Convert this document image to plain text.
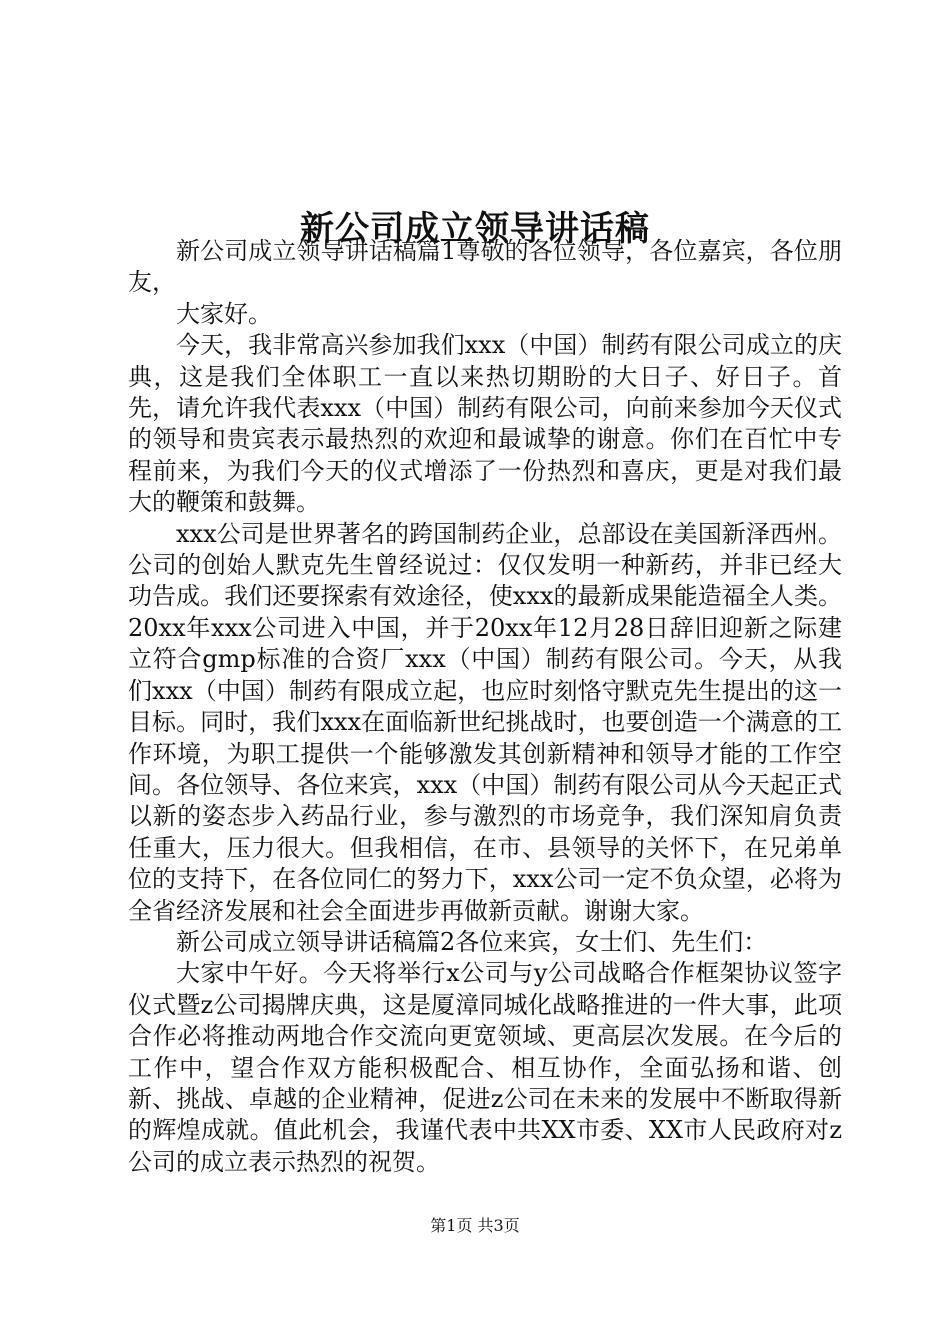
新公司成立领导讲话稿

新公司成立领导讲话稿篇1尊敬的各位领导，各位嘉宾，各位朋友，

大家好。

今天，我非常高兴参加我们xxx（中国）制药有限公司成立的庆典，这是我们全体职工一直以来热切期盼的大日子、好日子。首先，请允许我代表xxx（中国）制药有限公司，向前来参加今天仪式的领导和贵宾表示最热烈的欢迎和最诚挚的谢意。你们在百忙中专程前来，为我们今天的仪式增添了一份热烈和喜庆，更是对我们最大的鞭策和鼓舞。

xxx公司是世界著名的跨国制药企业，总部设在美国新泽西州。公司的创始人默克先生曾经说过：仅仅发明一种新药，并非已经大功告成。我们还要探索有效途径，使xxx的最新成果能造福全人类。20xx年xxx公司进入中国，并于20xx年12月28日辞旧迎新之际建立符合gmp标准的合资厂xxx（中国）制药有限公司。今天，从我们xxx（中国）制药有限成立起，也应时刻恪守默克先生提出的这一目标。同时，我们xxx在面临新世纪挑战时，也要创造一个满意的工作环境，为职工提供一个能够激发其创新精神和领导才能的工作空间。各位领导、各位来宾，xxx（中国）制药有限公司从今天起正式以新的姿态步入药品行业，参与激烈的市场竞争，我们深知肩负责任重大，压力很大。但我相信，在市、县领导的关怀下，在兄弟单位的支持下，在各位同仁的努力下，xxx公司一定不负众望，必将为全省经济发展和社会全面进步再做新贡献。谢谢大家。

新公司成立领导讲话稿篇2各位来宾，女士们、先生们：

大家中午好。今天将举行x公司与y公司战略合作框架协议签字仪式暨z公司揭牌庆典，这是厦漳同城化战略推进的一件大事，此项合作必将推动两地合作交流向更宽领域、更高层次发展。在今后的工作中，望合作双方能积极配合、相互协作，全面弘扬和谐、创新、挑战、卓越的企业精神，促进z公司在未来的发展中不断取得新的辉煌成就。值此机会，我谨代表中共XX市委、XX市人民政府对z公司的成立表示热烈的祝贺。

第1页 共3页
